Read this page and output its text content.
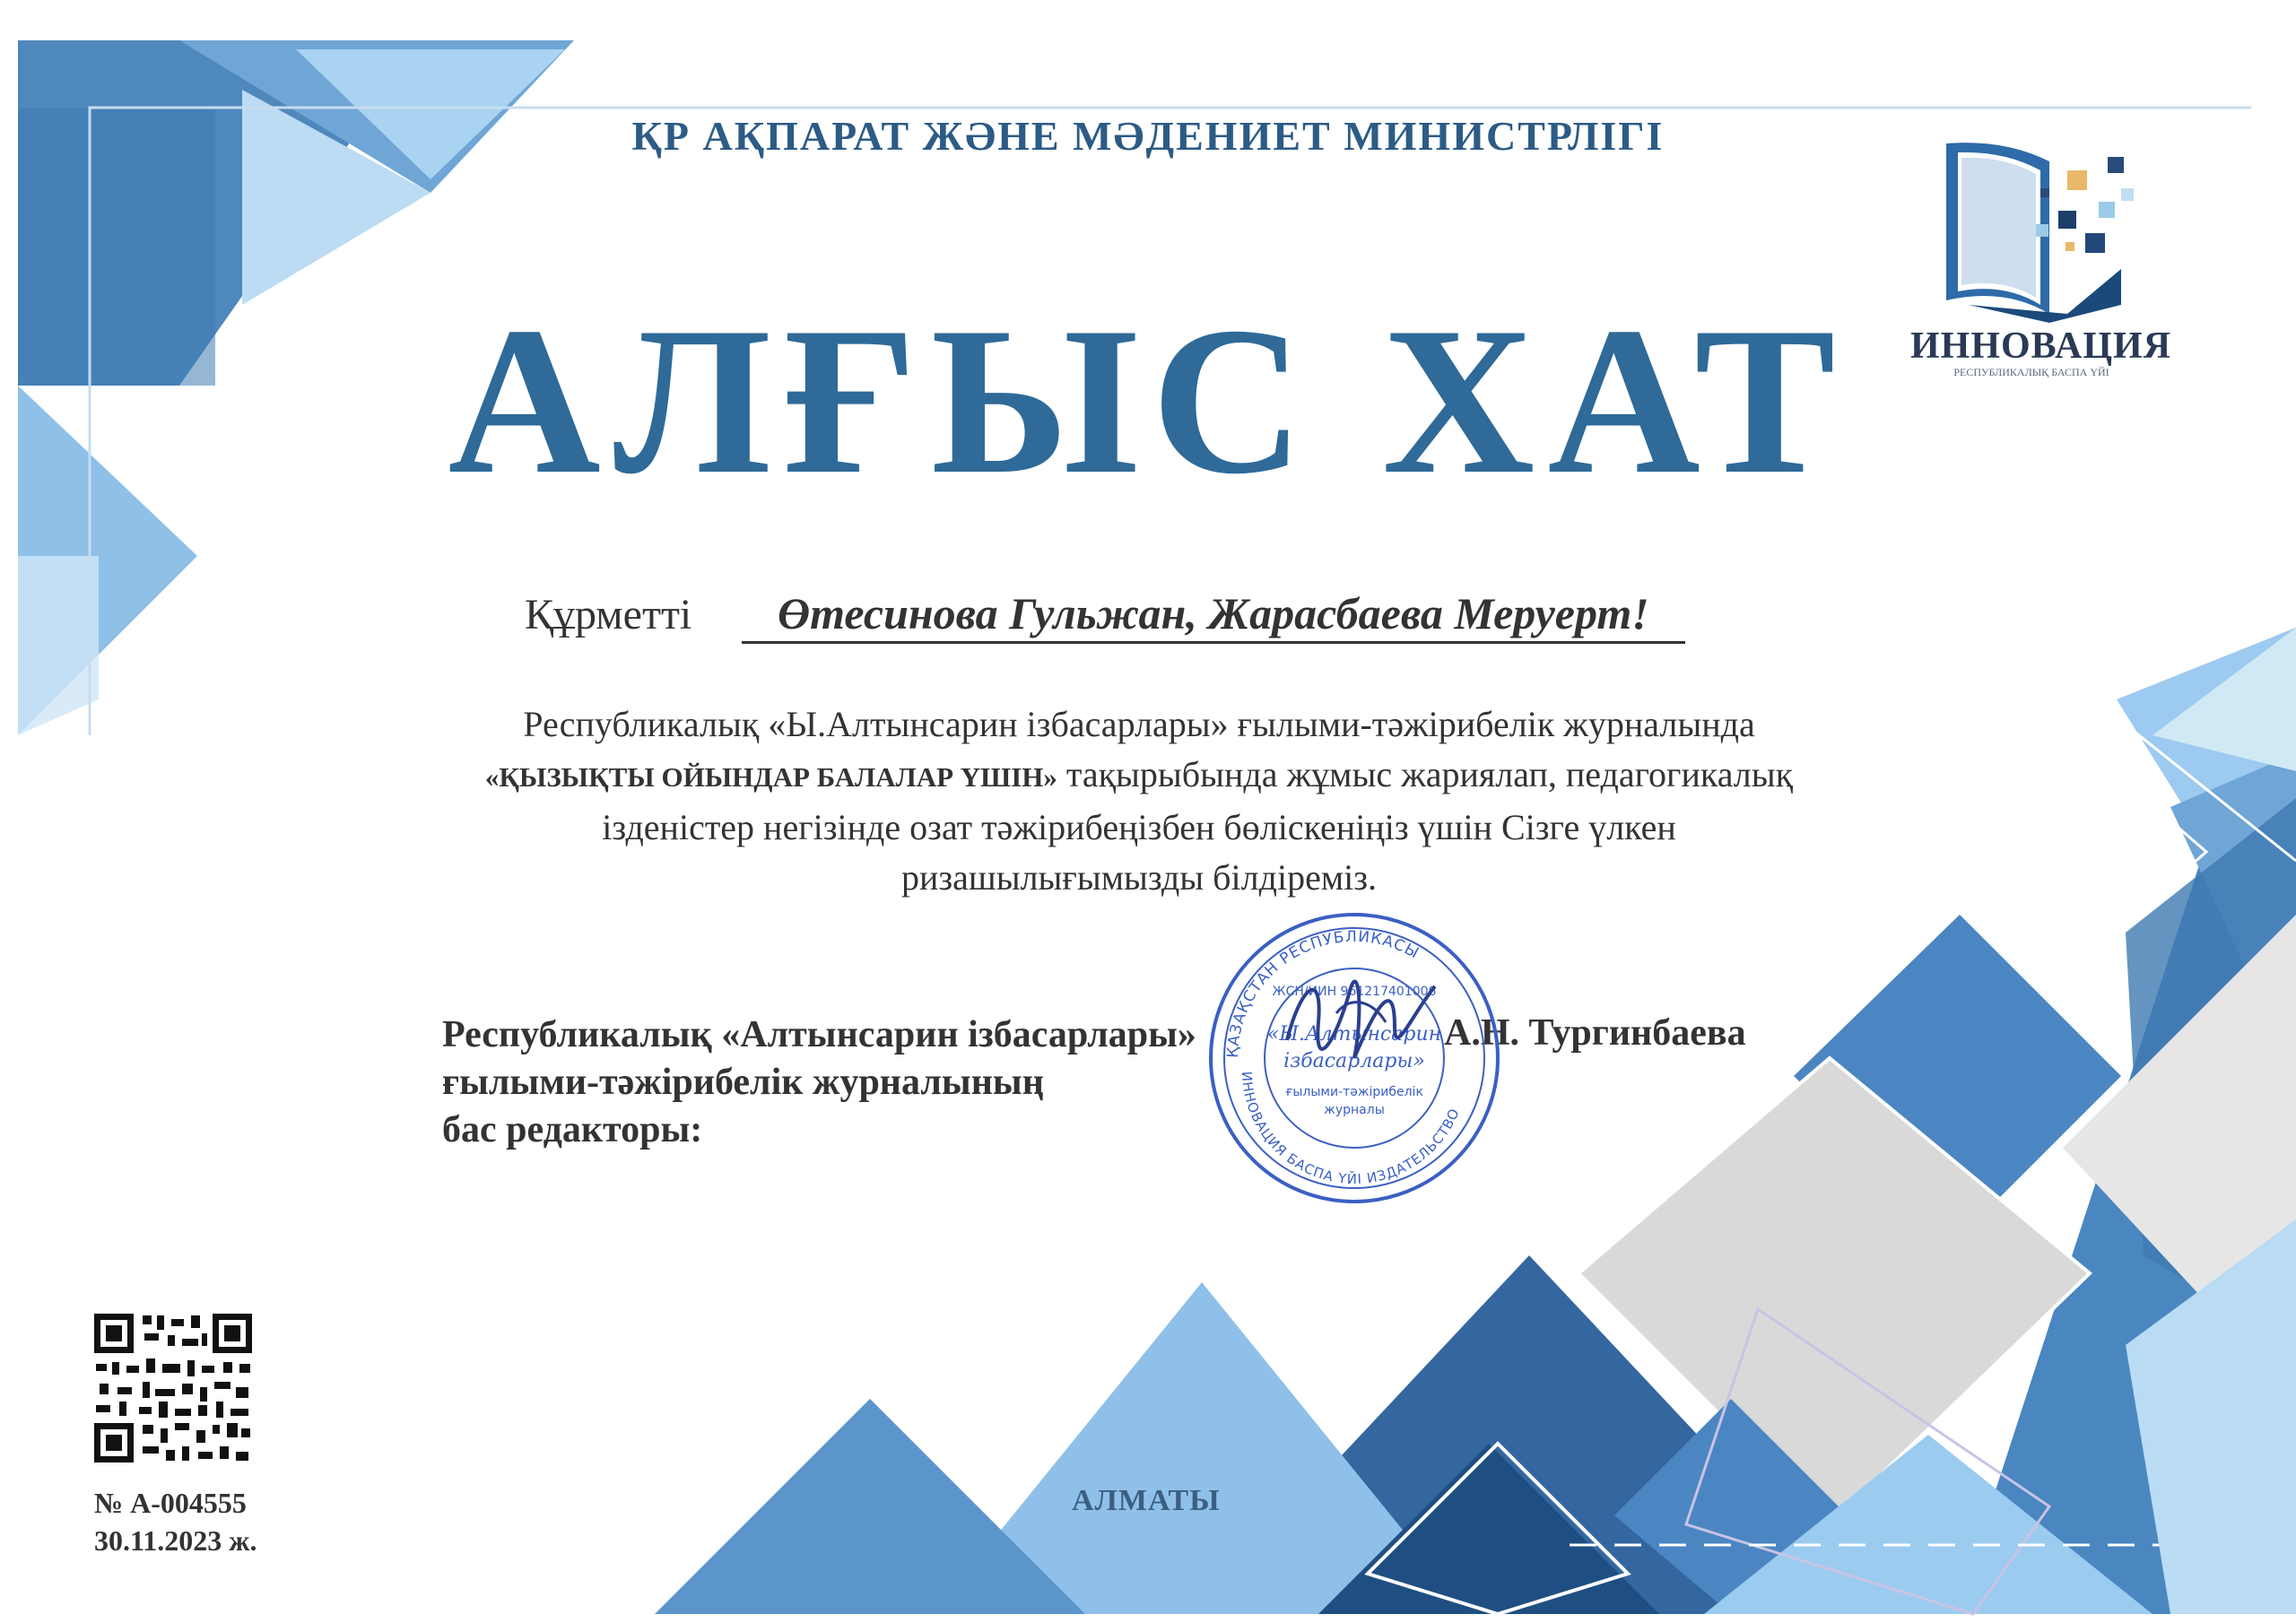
ИННОВАЦИЯ
РЕСПУБЛИКАЛЫҚ БАСПА ҮЙІ
ҚР АҚПАРАТ ЖӘНЕ МӘДЕНИЕТ МИНИСТРЛІГІ
АЛҒЫС ХАТ
Құрметті Өтесинова Гульжан, Жарасбаева Меруерт!
Республикалық «Ы.Алтынсарин ізбасарлары» ғылыми-тәжірибелік журналында
«ҚЫЗЫҚТЫ ОЙЫНДАР БАЛАЛАР ҮШІН» тақырыбында жұмыс жариялап, педагогикалық
ізденістер негізінде озат тәжірибеңізбен бөліскеніңіз үшін Сізге үлкен
ризашылығымызды білдіреміз.
Республикалық «Алтынсарин ізбасарлары»
ғылыми-тәжірибелік журналының
бас редакторы:
А.Н. Тургинбаева
ҚАЗАҚСТАН РЕСПУБЛИКАСЫ
ИННОВАЦИЯ БАСПА ҮЙІ ИЗДАТЕЛЬСТВО
ЖСН/ИИН 961217401006
«Ы.Алтынсарин
ізбасарлары»
ғылыми-тәжірибелік
журналы
№ А-004555
30.11.2023 ж.
АЛМАТЫ
